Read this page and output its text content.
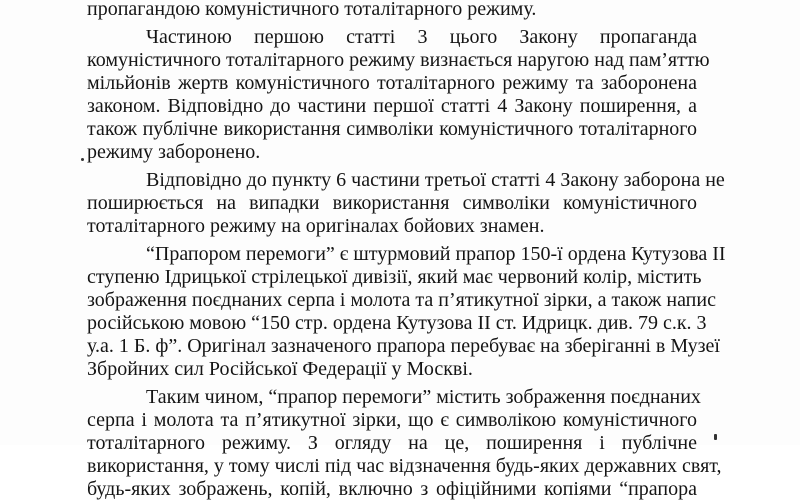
пропагандою комуністичного тоталітарного режиму.
Частиною першою статті 3 цього Закону пропаганда
комуністичного тоталітарного режиму визнається наругою над пам’яттю
мільйонів жертв комуністичного тоталітарного режиму та заборонена
законом. Відповідно до частини першої статті 4 Закону поширення, а
також публічне використання символіки комуністичного тоталітарного
режиму заборонено.
Відповідно до пункту 6 частини третьої статті 4 Закону заборона не
поширюється на випадки використання символіки комуністичного
тоталітарного режиму на оригіналах бойових знамен.
“Прапором перемоги” є штурмовий прапор 150-ї ордена Кутузова ІІ
ступеню Ідрицької стрілецької дивізії, який має червоний колір, містить
зображення поєднаних серпа і молота та п’ятикутної зірки, а також напис
російською мовою “150 стр. ордена Кутузова ІІ ст. Идрицк. див. 79 с.к. 3
у.а. 1 Б. ф”. Оригінал зазначеного прапора перебуває на зберіганні в Музеї
Збройних сил Російської Федерації у Москві.
Таким чином, “прапор перемоги” містить зображення поєднаних
серпа і молота та п’ятикутної зірки, що є символікою комуністичного
тоталітарного режиму. З огляду на це, поширення і публічне
використання, у тому числі під час відзначення будь-яких державних свят,
будь-яких зображень, копій, включно з офіційними копіями “прапора
